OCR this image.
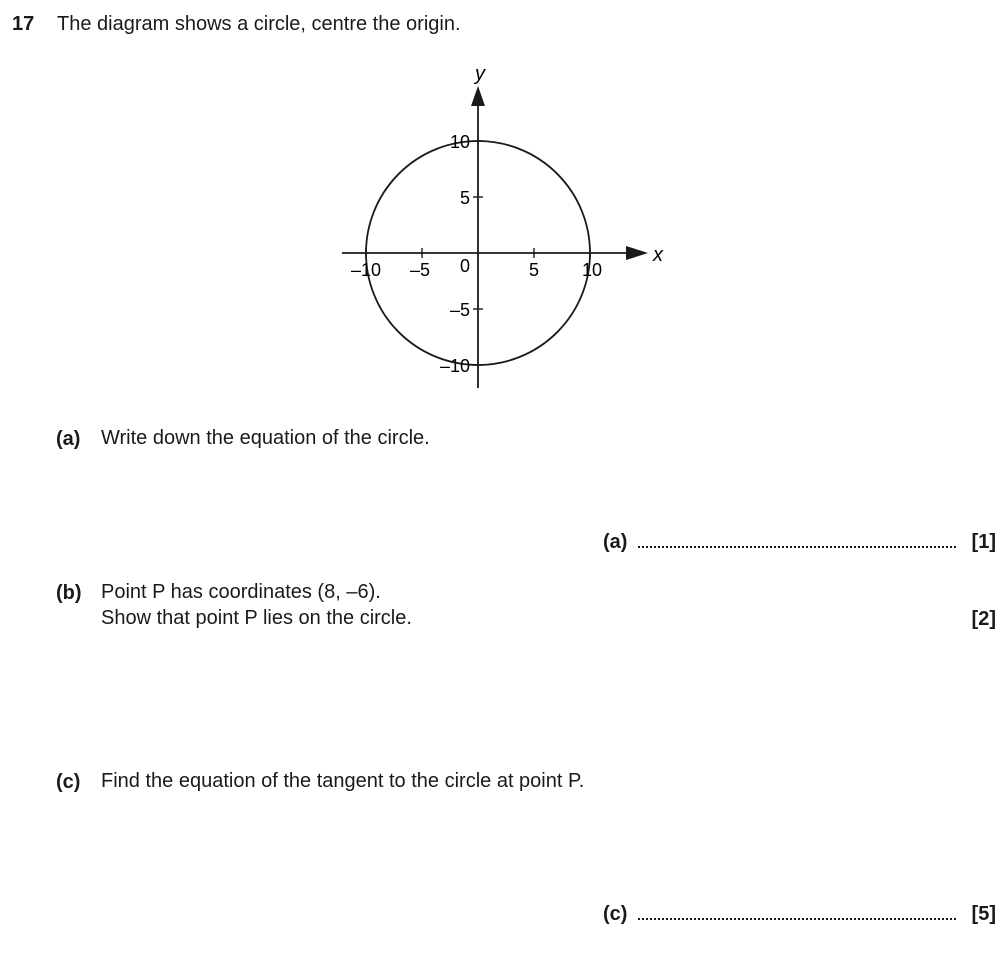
17 The diagram shows a circle, centre the origin.
y
x
–10 –5 0	5 10
10
5
–5
–10
(a) Write down the equation of the circle.
(a)	[1]
(b) Point P has coordinates (8, –6).
Show that point P lies on the circle.	[2]
(c) Find the equation of the tangent to the circle at point P.
(c)	[5]
